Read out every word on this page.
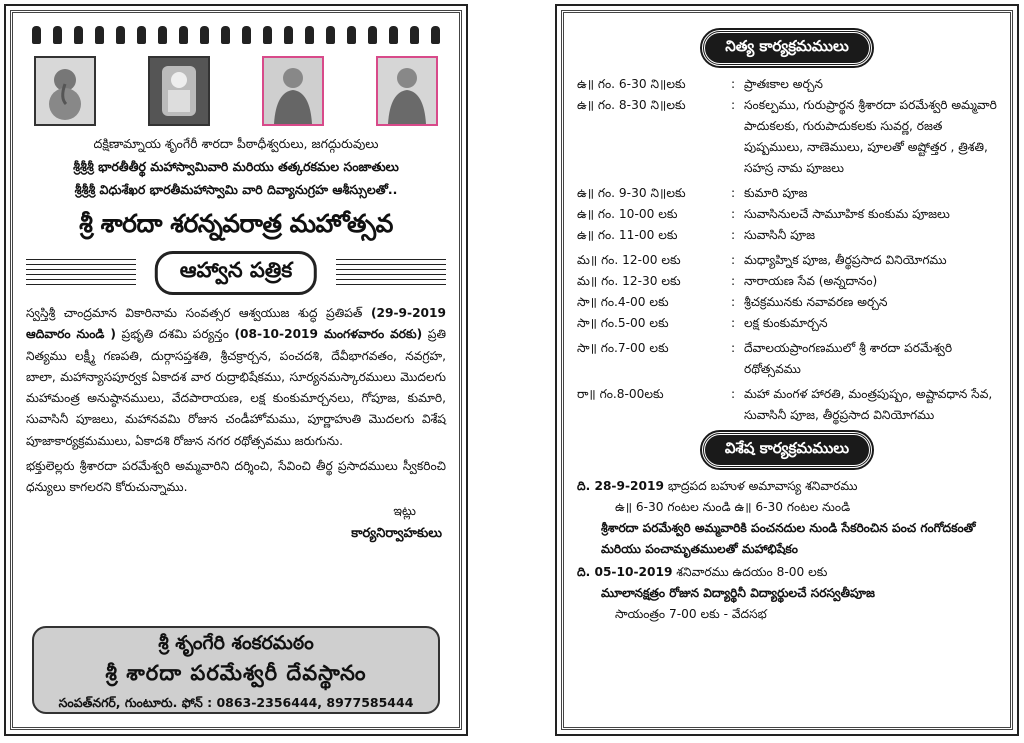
దక్షిణామ్నాయ శృంగేరీ శారదా పీఠాధీశ్వరులు, జగద్గురువులు
శ్రీశ్రీశ్రీ భారతీతీర్థ మహాస్వామివారి మరియు తత్కరకమల సంజాతులు
శ్రీశ్రీశ్రీ విధుశేఖర భారతీమహాస్వామి వారి దివ్యానుగ్రహ ఆశీస్సులతో..
శ్రీ శారదా శరన్నవరాత్ర మహోత్సవ
ఆహ్వాన పత్రిక
స్వస్తిశ్రీ చాంద్రమాన వికారినామ సంవత్సర ఆశ్వయుజ శుద్ధ ప్రతిపత్ (29-9-2019 ఆదివారం నుండి ) ప్రభృతి దశమి పర్యన్తం (08-10-2019 మంగళవారం వరకు) ప్రతి నిత్యము లక్ష్మీ గణపతి, దుర్గాసప్తశతి, శ్రీచక్రార్చన, పంచదశి, దేవీభాగవతం, నవగ్రహ, బాలా, మహాన్యాసపూర్వక ఏకాదశ వార రుద్రాభిషేకము, సూర్యనమస్కారములు మొదలగు మహామంత్ర అనుష్ఠానములు, వేదపారాయణ, లక్ష కుంకుమార్చనలు, గోపూజ, కుమారి, సువాసినీ పూజలు, మహానవమి రోజున చండీహోమము, పూర్ణాహుతి మొదలగు విశేష పూజాకార్యక్రమములు, ఏకాదశి రోజున నగర రథోత్సవము జరుగును.
భక్తులెల్లరు శ్రీశారదా పరమేశ్వరి అమ్మవారిని దర్శించి, సేవించి తీర్థ ప్రసాదములు స్వీకరించి ధన్యులు కాగలరని కోరుచున్నాము.
ఇట్లు
కార్యనిర్వాహకులు
శ్రీ శృంగేరి శంకరమఠం
శ్రీ శారదా పరమేశ్వరీ దేవస్థానం
సంపత్‌నగర్, గుంటూరు. ఫోన్ : 0863-2356444, 8977585444
నిత్య కార్యక్రమములు
ఉ॥ గం. 6-30 ని॥లకు	: ప్రాతఃకాల అర్చన
ఉ॥ గం. 8-30 ని॥లకు	: సంకల్పము, గురుప్రార్థన శ్రీశారదా పరమేశ్వరి అమ్మవారి పాదుకలకు, గురుపాదుకలకు సువర్ణ, రజత పుష్పములు, నాణెములు, పూలతో అష్టోత్తర , త్రిశతి, సహస్ర నామ పూజలు
ఉ॥ గం. 9-30 ని॥లకు	: కుమారి పూజ
ఉ॥ గం. 10-00 లకు	: సువాసినులచే సామూహిక కుంకుమ పూజలు
ఉ॥ గం. 11-00 లకు	: సువాసినీ పూజ
మ॥ గం. 12-00 లకు	: మధ్యాహ్నిక పూజ, తీర్థప్రసాద వినియోగము
మ॥ గం. 12-30 లకు	: నారాయణ సేవ (అన్నదానం)
సా॥ గం.4-00 లకు	: శ్రీచక్రమునకు నవావరణ అర్చన
సా॥ గం.5-00 లకు	: లక్ష కుంకుమార్చన
సా॥ గం.7-00 లకు	: దేవాలయప్రాంగణములో శ్రీ శారదా పరమేశ్వరి రథోత్సవము
రా॥ గం.8-00లకు	: మహా మంగళ హారతి, మంత్రపుష్పం, అష్టావధాన సేవ, సువాసినీ పూజ, తీర్థప్రసాద వినియోగము
విశేష కార్యక్రమములు
ది. 28-9-2019 భాద్రపద బహుళ అమావాస్య శనివారము
ఉ॥ 6-30 గంటల నుండి ఉ॥ 6-30 గంటల నుండి
శ్రీశారదా పరమేశ్వరి అమ్మవారికి పంచనదుల నుండి సేకరించిన పంచ గంగోదకంతో మరియు పంచామృతములతో మహాభిషేకం
ది. 05-10-2019 శనివారము ఉదయం 8-00 లకు
మూలానక్షత్రం రోజున విద్యార్థినీ విద్యార్థులచే సరస్వతీపూజ
సాయంత్రం 7-00 లకు - వేదసభ
